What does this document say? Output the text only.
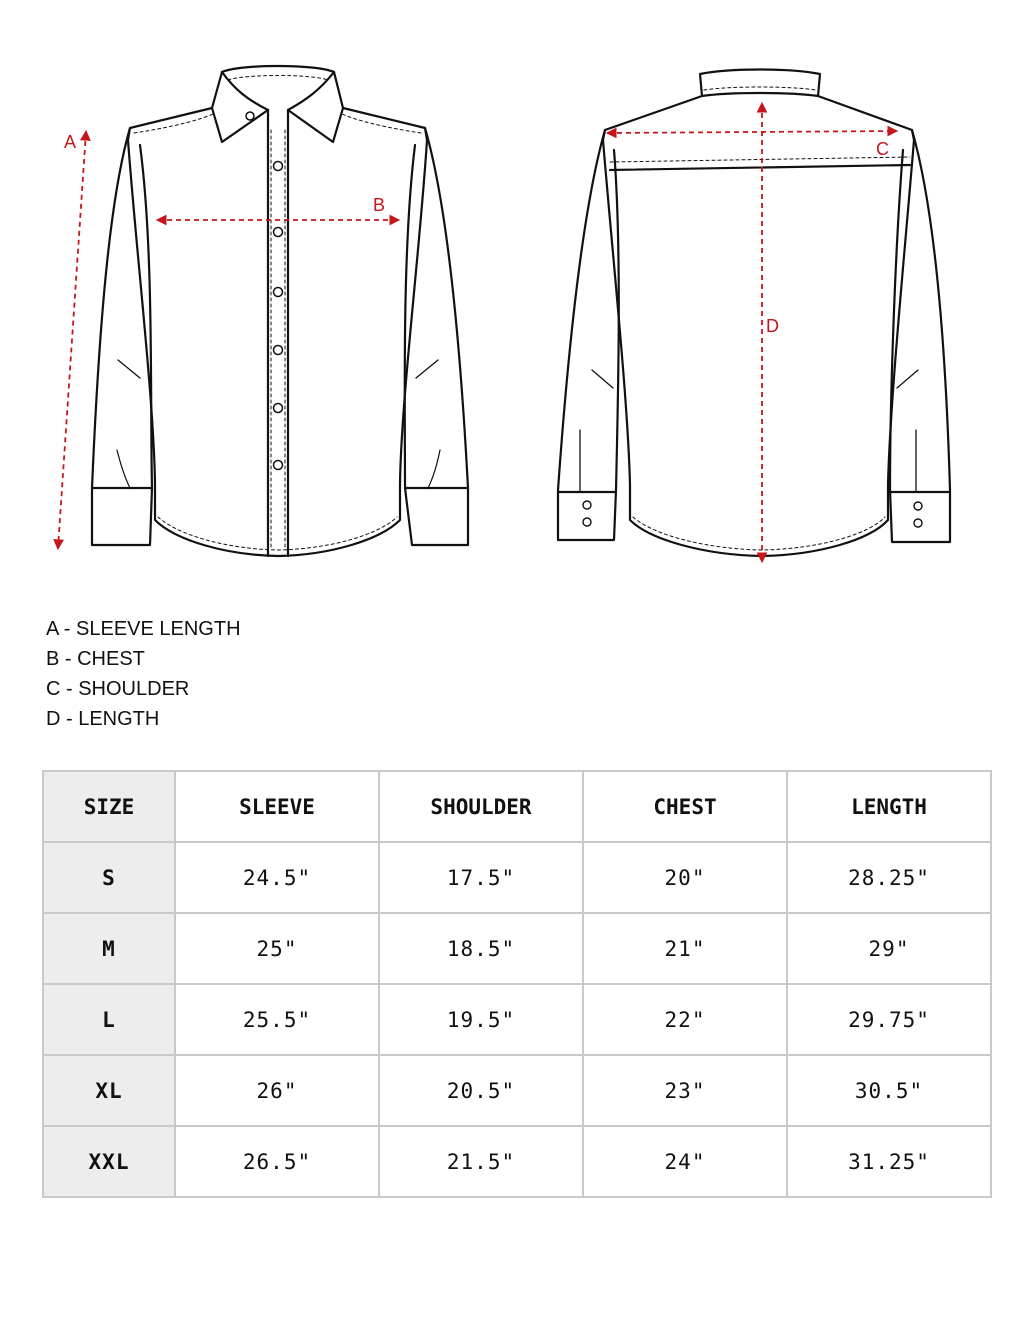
A
B
C
D
A - SLEEVE LENGTH
B - CHEST
C - SHOULDER
D - LENGTH
SIZE	SLEEVE	SHOULDER	CHEST	LENGTH
S	24.5"	17.5"	20"	28.25"
M	25"	18.5"	21"	29"
L	25.5"	19.5"	22"	29.75"
XL	26"	20.5"	23"	30.5"
XXL	26.5"	21.5"	24"	31.25"
